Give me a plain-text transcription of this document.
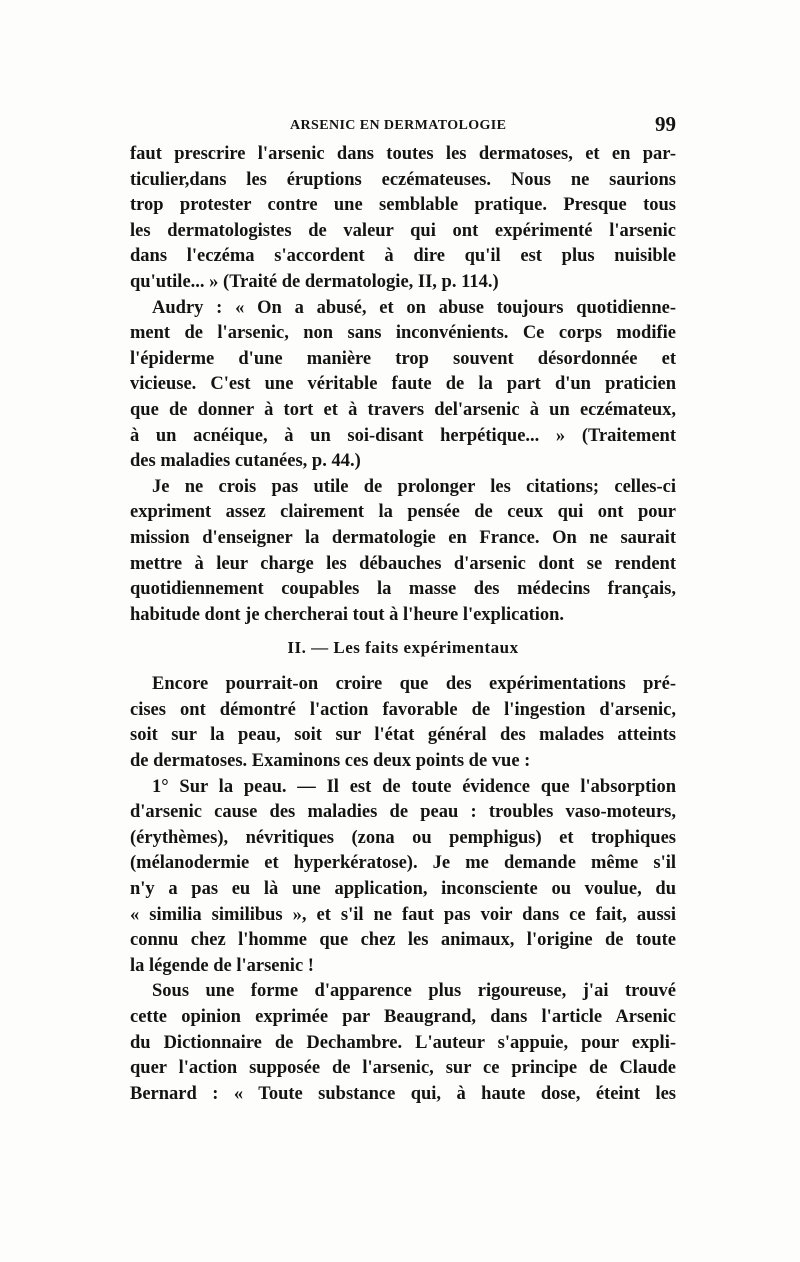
ARSENIC EN DERMATOLOGIE	99
faut prescrire l'arsenic dans toutes les dermatoses, et en par-
ticulier,dans les éruptions eczémateuses. Nous ne saurions
trop protester contre une semblable pratique. Presque tous
les dermatologistes de valeur qui ont expérimenté l'arsenic
dans l'eczéma s'accordent à dire qu'il est plus nuisible
qu'utile... » (Traité de dermatologie, II, p. 114.)
Audry : « On a abusé, et on abuse toujours quotidienne-
ment de l'arsenic, non sans inconvénients. Ce corps modifie
l'épiderme d'une manière trop souvent désordonnée et
vicieuse. C'est une véritable faute de la part d'un praticien
que de donner à tort et à travers del'arsenic à un eczémateux,
à un acnéique, à un soi-disant herpétique... » (Traitement
des maladies cutanées, p. 44.)
Je ne crois pas utile de prolonger les citations; celles-ci
expriment assez clairement la pensée de ceux qui ont pour
mission d'enseigner la dermatologie en France. On ne saurait
mettre à leur charge les débauches d'arsenic dont se rendent
quotidiennement coupables la masse des médecins français,
habitude dont je chercherai tout à l'heure l'explication.
II. — Les faits expérimentaux
Encore pourrait-on croire que des expérimentations pré-
cises ont démontré l'action favorable de l'ingestion d'arsenic,
soit sur la peau, soit sur l'état général des malades atteints
de dermatoses. Examinons ces deux points de vue :
1° Sur la peau. — Il est de toute évidence que l'absorption
d'arsenic cause des maladies de peau : troubles vaso-moteurs,
(érythèmes), névritiques (zona ou pemphigus) et trophiques
(mélanodermie et hyperkératose). Je me demande même s'il
n'y a pas eu là une application, inconsciente ou voulue, du
« similia similibus », et s'il ne faut pas voir dans ce fait, aussi
connu chez l'homme que chez les animaux, l'origine de toute
la légende de l'arsenic !
Sous une forme d'apparence plus rigoureuse, j'ai trouvé
cette opinion exprimée par Beaugrand, dans l'article Arsenic
du Dictionnaire de Dechambre. L'auteur s'appuie, pour expli-
quer l'action supposée de l'arsenic, sur ce principe de Claude
Bernard : « Toute substance qui, à haute dose, éteint les
